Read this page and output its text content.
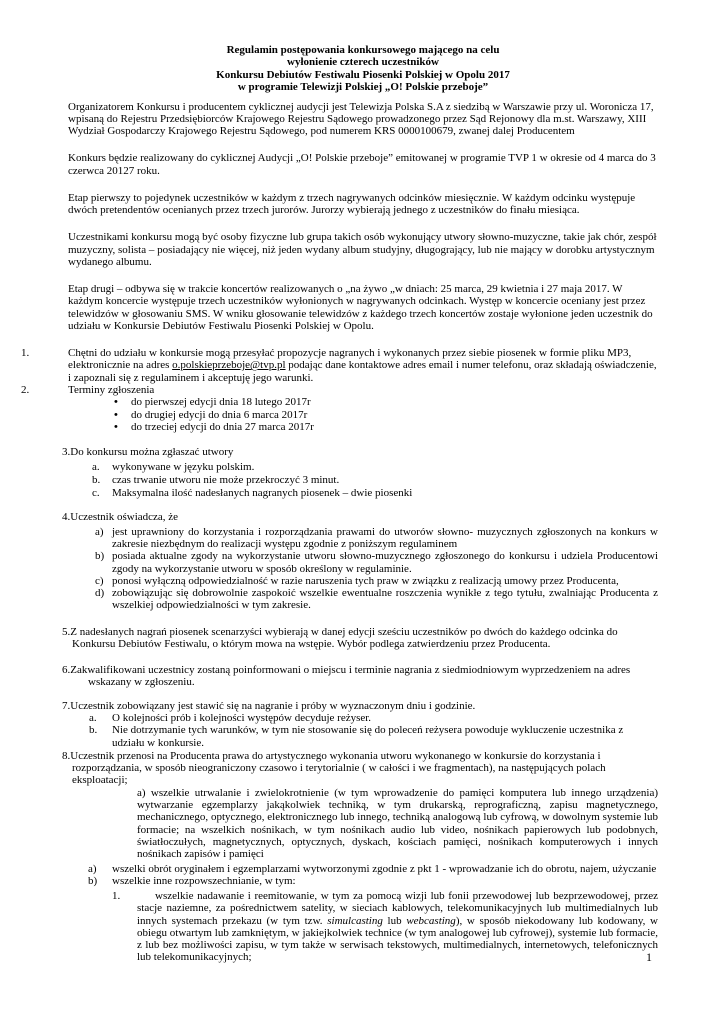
Regulamin postępowania konkursowego mającego na celu
wyłonienie czterech uczestników
Konkursu Debiutów Festiwalu Piosenki Polskiej w Opolu 2017
w programie Telewizji Polskiej „O! Polskie przeboje”

Organizatorem Konkursu i producentem cyklicznej audycji jest Telewizja Polska S.A z siedzibą w Warszawie przy ul. Woronicza 17, wpisaną do Rejestru Przedsiębiorców Krajowego Rejestru Sądowego prowadzonego przez Sąd Rejonowy dla m.st. Warszawy, XIII Wydział Gospodarczy Krajowego Rejestru Sądowego, pod numerem KRS 0000100679, zwanej dalej Producentem

Konkurs będzie realizowany do cyklicznej Audycji „O! Polskie przeboje” emitowanej w programie TVP 1 w okresie od 4 marca do 3 czerwca 20127 roku.

Etap pierwszy to pojedynek uczestników w każdym z trzech nagrywanych odcinków miesięcznie. W każdym odcinku występuje dwóch pretendentów ocenianych przez trzech jurorów. Jurorzy wybierają jednego z uczestników do finału miesiąca.

Uczestnikami konkursu mogą być osoby fizyczne lub grupa takich osób wykonujący utwory słowno-muzyczne, takie jak chór, zespół muzyczny, solista – posiadający nie więcej, niż jeden wydany album studyjny, długogrający, lub nie mający w dorobku artystycznym wydanego albumu.

Etap drugi – odbywa się w trakcie koncertów realizowanych o „na żywo „w dniach: 25 marca, 29 kwietnia i 27 maja 2017. W każdym koncercie występuje trzech uczestników wyłonionych w nagrywanych odcinkach. Występ w koncercie oceniany jest przez telewidzów w głosowaniu SMS. W wniku głosowanie telewidzów z każdego trzech koncertów zostaje wyłonione jeden uczestnik do udziału w Konkursie Debiutów Festiwalu Piosenki Polskiej w Opolu.

1.	Chętni do udziału w konkursie mogą przesyłać propozycje nagranych i wykonanych przez siebie piosenek w formie pliku MP3, elektronicznie na adres o.polskieprzeboje@tvp.pl podając dane kontaktowe adres email i numer telefonu, oraz składają oświadczenie, i zapoznali się z regulaminem i akceptuję jego warunki.
2.	Terminy zgłoszenia
• do pierwszej edycji dnia 18 lutego 2017r
• do drugiej edycji do dnia 6 marca 2017r
• do trzeciej edycji do dnia 27 marca 2017r
3.Do konkursu można zgłaszać utwory
a. wykonywane w języku polskim.
b. czas trwanie utworu nie może przekroczyć 3 minut.
c. Maksymalna ilość nadesłanych nagranych piosenek – dwie piosenki
4.Uczestnik oświadcza, że
a) jest uprawniony do korzystania i rozporządzania prawami do utworów słowno- muzycznych zgłoszonych na konkurs w zakresie niezbędnym do realizacji występu zgodnie z poniższym regulaminem
b) posiada aktualne zgody na wykorzystanie utworu słowno-muzycznego zgłoszonego do konkursu i udziela Producentowi zgody na wykorzystanie utworu w sposób określony w regulaminie.
c) ponosi wyłączną odpowiedzialność w razie naruszenia tych praw w związku z realizacją umowy przez Producenta,
d) zobowiązując się dobrowolnie zaspokoić wszelkie ewentualne roszczenia wynikłe z tego tytułu, zwalniając Producenta z wszelkiej odpowiedzialności w tym zakresie.
5.Z nadesłanych nagrań piosenek scenarzyści wybierają w danej edycji sześciu uczestników po dwóch do każdego odcinka do Konkursu Debiutów Festiwalu, o którym mowa na wstępie. Wybór podlega zatwierdzeniu przez Producenta.
6.Zakwalifikowani uczestnicy zostaną poinformowani o miejscu i terminie nagrania z siedmiodniowym wyprzedzeniem na adres wskazany w zgłoszeniu.
7.Uczestnik zobowiązany jest stawić się na nagranie i próby w wyznaczonym dniu i godzinie.
a. O kolejności prób i kolejności występów decyduje reżyser.
b. Nie dotrzymanie tych warunków, w tym nie stosowanie się do poleceń reżysera powoduje wykluczenie uczestnika z udziału w konkursie.
8.Uczestnik przenosi na Producenta prawa do artystycznego wykonania utworu wykonanego w konkursie do korzystania i rozporządzania, w sposób nieograniczony czasowo i terytorialnie ( w całości i we fragmentach), na następujących polach eksploatacji;
a) wszelkie utrwalanie i zwielokrotnienie (w tym wprowadzenie do pamięci komputera lub innego urządzenia) wytwarzanie egzemplarzy jakąkolwiek techniką, w tym drukarską, reprograficzną, zapisu magnetycznego, mechanicznego, optycznego, elektronicznego lub innego, techniką analogową lub cyfrową, w dowolnym systemie lub formacie; na wszelkich nośnikach, w tym nośnikach audio lub video, nośnikach papierowych lub podobnych, światłoczułych, magnetycznych, optycznych, dyskach, kościach pamięci, nośnikach komputerowych i innych nośnikach zapisów i pamięci
a) wszelki obrót oryginałem i egzemplarzami wytworzonymi zgodnie z pkt 1 - wprowadzanie ich do obrotu, najem, użyczanie
b) wszelkie inne rozpowszechnianie, w tym:
1.	wszelkie nadawanie i reemitowanie, w tym za pomocą wizji lub fonii przewodowej lub bezprzewodowej, przez stacje naziemne, za pośrednictwem satelity, w sieciach kablowych, telekomunikacyjnych lub multimedialnych lub innych systemach przekazu (w tym tzw. simulcasting lub webcasting), w sposób niekodowany lub kodowany, w obiegu otwartym lub zamkniętym, w jakiejkolwiek technice (w tym analogowej lub cyfrowej), systemie lub formacie, z lub bez możliwości zapisu, w tym także w serwisach tekstowych, multimedialnych, internetowych, telefonicznych lub telekomunikacyjnych;	1
